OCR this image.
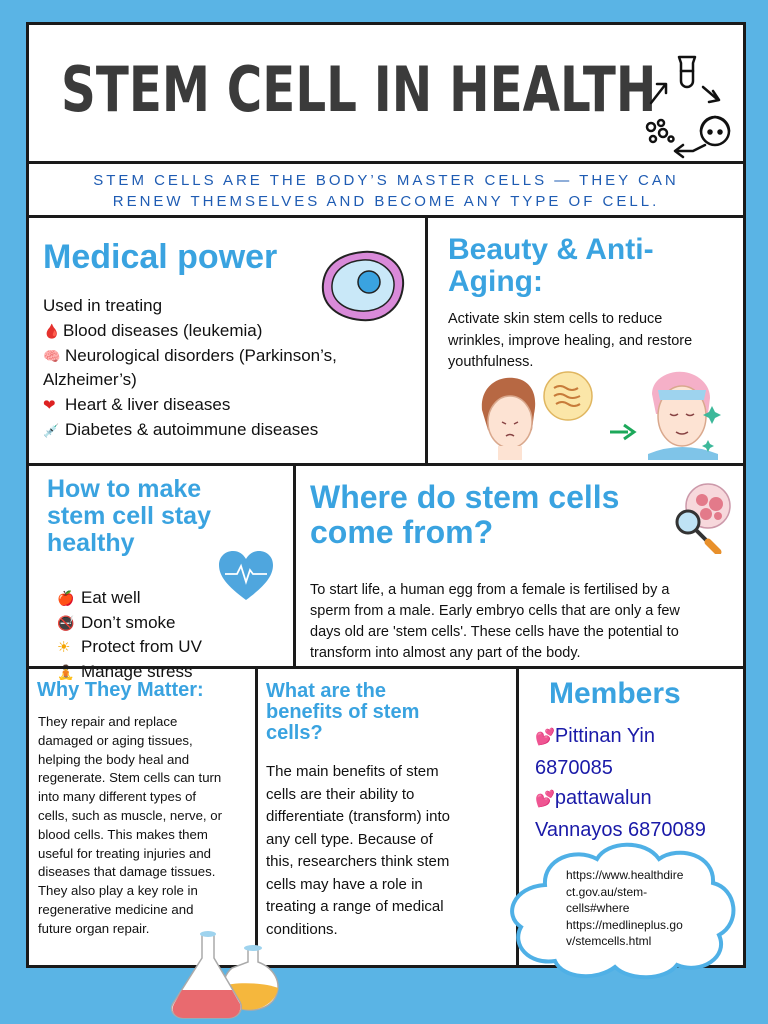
STEM CELL IN HEALTH
STEM CELLS ARE THE BODY’S MASTER CELLS — THEY CAN
RENEW THEMSELVES AND BECOME ANY TYPE OF CELL.
Medical power
Used in treating
🩸 Blood diseases (leukemia)
🧠 Neurological disorders (Parkinson’s,
Alzheimer’s)
❤ Heart & liver diseases
💉 Diabetes & autoimmune diseases
Beauty & Anti-
Aging:
Activate skin stem cells to reduce
wrinkles, improve healing, and restore
youthfulness.
How to make
stem cell stay
healthy
🍎 Eat well
🚭 Don’t smoke
☀ Protect from UV
🧘 Manage stress
Where do stem cells
come from?
To start life, a human egg from a female is fertilised by a
sperm from a male. Early embryo cells that are only a few
days old are 'stem cells'. These cells have the potential to
transform into almost any part of the body.
Why They Matter:
They repair and replace
damaged or aging tissues,
helping the body heal and
regenerate. Stem cells can turn
into many different types of
cells, such as muscle, nerve, or
blood cells. This makes them
useful for treating injuries and
diseases that damage tissues.
They also play a key role in
regenerative medicine and
future organ repair.
What are the
benefits of stem
cells?
The main benefits of stem
cells are their ability to
differentiate (transform) into
any cell type. Because of
this, researchers think stem
cells may have a role in
treating a range of medical
conditions.
Members
💕Pittinan Yin
6870085
💕pattawalun
Vannayos 6870089
https://www.healthdire
ct.gov.au/stem-
cells#where
https://medlineplus.go
v/stemcells.html
